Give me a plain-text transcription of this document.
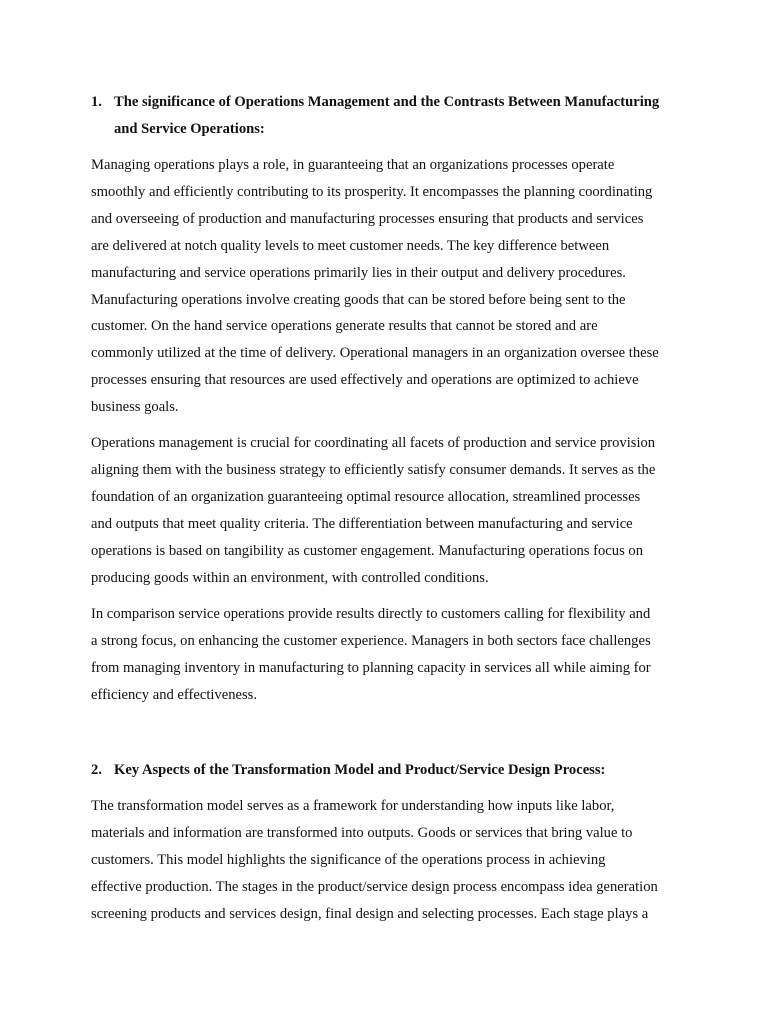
1. The significance of Operations Management and the Contrasts Between Manufacturing
and Service Operations:
Managing operations plays a role, in guaranteeing that an organizations processes operate
smoothly and efficiently contributing to its prosperity. It encompasses the planning coordinating
and overseeing of production and manufacturing processes ensuring that products and services
are delivered at notch quality levels to meet customer needs. The key difference between
manufacturing and service operations primarily lies in their output and delivery procedures.
Manufacturing operations involve creating goods that can be stored before being sent to the
customer. On the hand service operations generate results that cannot be stored and are
commonly utilized at the time of delivery. Operational managers in an organization oversee these
processes ensuring that resources are used effectively and operations are optimized to achieve
business goals.
Operations management is crucial for coordinating all facets of production and service provision
aligning them with the business strategy to efficiently satisfy consumer demands. It serves as the
foundation of an organization guaranteeing optimal resource allocation, streamlined processes
and outputs that meet quality criteria. The differentiation between manufacturing and service
operations is based on tangibility as customer engagement. Manufacturing operations focus on
producing goods within an environment, with controlled conditions.
In comparison service operations provide results directly to customers calling for flexibility and
a strong focus, on enhancing the customer experience. Managers in both sectors face challenges
from managing inventory in manufacturing to planning capacity in services all while aiming for
efficiency and effectiveness.
2. Key Aspects of the Transformation Model and Product/Service Design Process:
The transformation model serves as a framework for understanding how inputs like labor,
materials and information are transformed into outputs. Goods or services that bring value to
customers. This model highlights the significance of the operations process in achieving
effective production. The stages in the product/service design process encompass idea generation
screening products and services design, final design and selecting processes. Each stage plays a
